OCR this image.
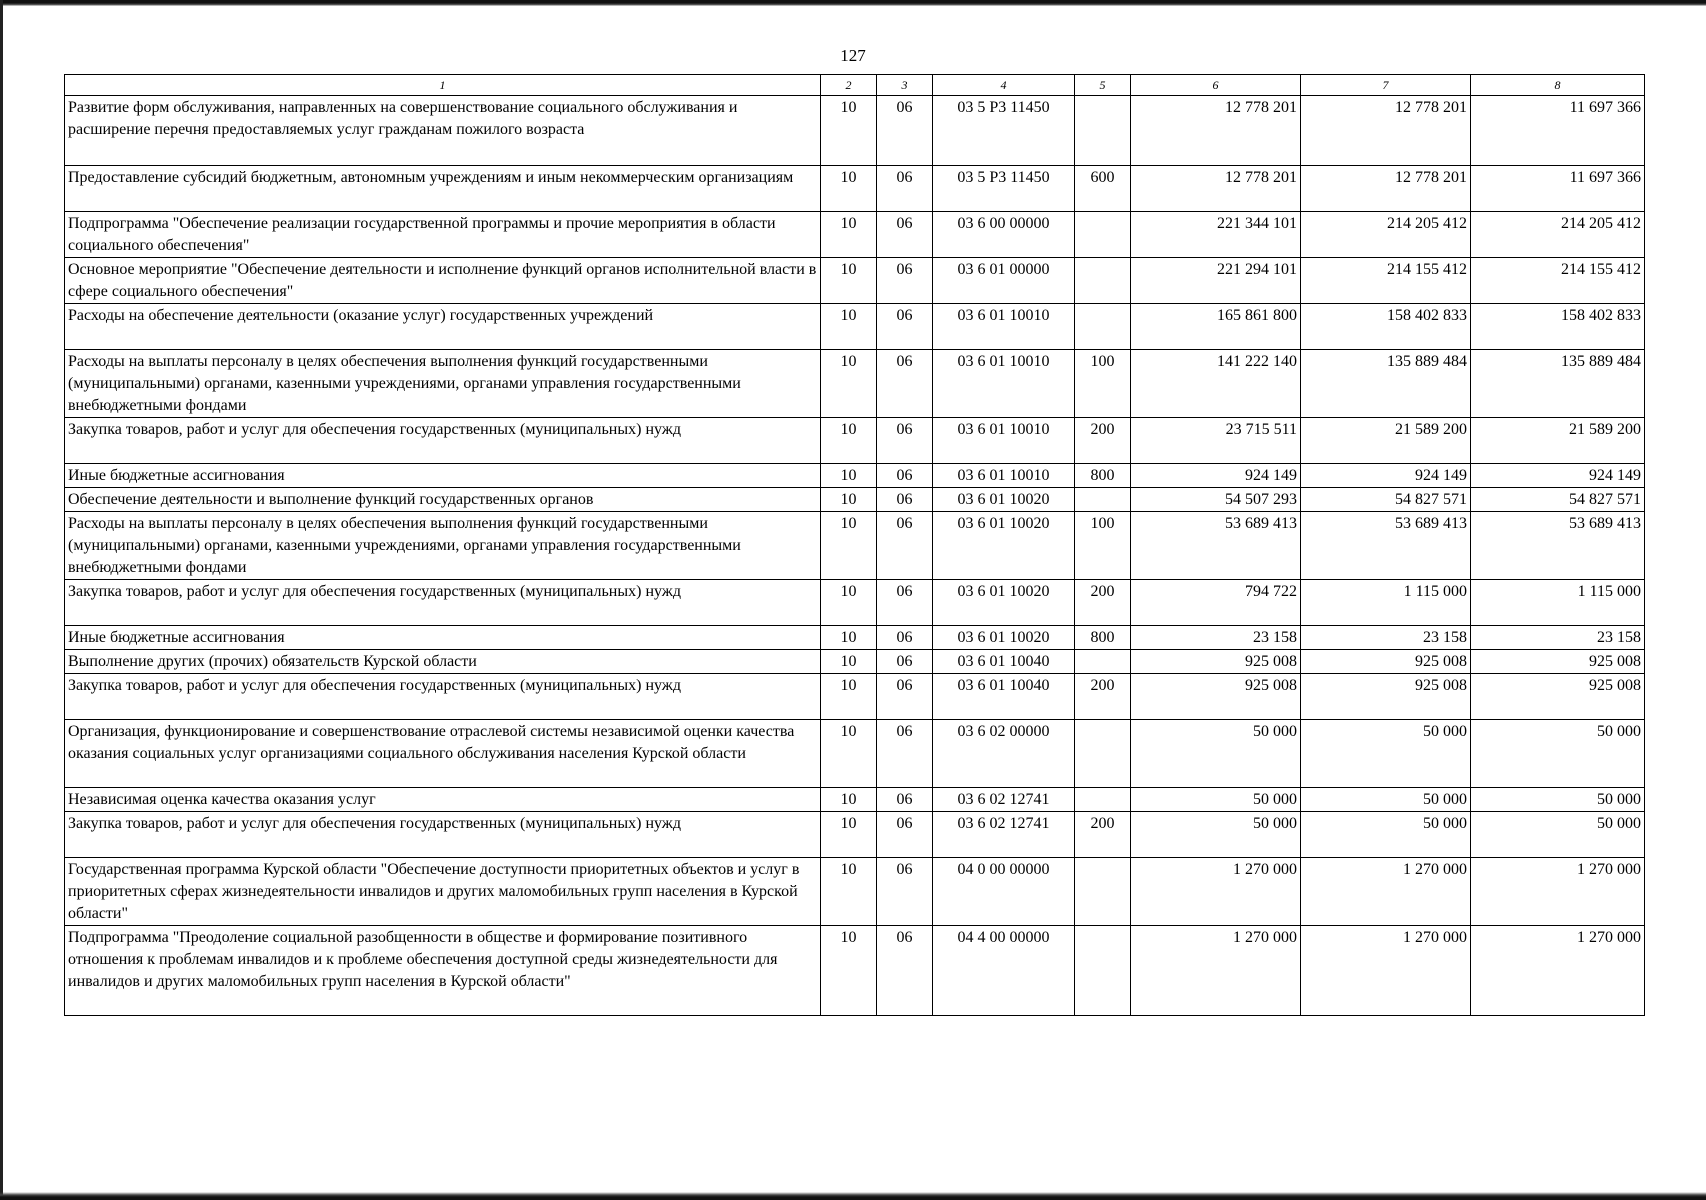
127
1	2	3	4	5	6	7	8
Развитие форм обслуживания, направленных на совершенствование социального обслуживания и расширение перечня предоставляемых услуг гражданам пожилого возраста	10	06	03 5 P3 11450		12 778 201	12 778 201	11 697 366
Предоставление субсидий бюджетным, автономным учреждениям и иным некоммерческим организациям	10	06	03 5 P3 11450	600	12 778 201	12 778 201	11 697 366
Подпрограмма "Обеспечение реализации государственной программы и прочие мероприятия в области социального обеспечения"	10	06	03 6 00 00000		221 344 101	214 205 412	214 205 412
Основное мероприятие "Обеспечение деятельности и исполнение функций органов исполнительной власти в сфере социального обеспечения"	10	06	03 6 01 00000		221 294 101	214 155 412	214 155 412
Расходы на обеспечение деятельности (оказание услуг) государственных учреждений	10	06	03 6 01 10010		165 861 800	158 402 833	158 402 833
Расходы на выплаты персоналу в целях обеспечения выполнения функций государственными (муниципальными) органами, казенными учреждениями, органами управления государственными внебюджетными фондами	10	06	03 6 01 10010	100	141 222 140	135 889 484	135 889 484
Закупка товаров, работ и услуг для обеспечения государственных (муниципальных) нужд	10	06	03 6 01 10010	200	23 715 511	21 589 200	21 589 200
Иные бюджетные ассигнования	10	06	03 6 01 10010	800	924 149	924 149	924 149
Обеспечение деятельности и выполнение функций государственных органов	10	06	03 6 01 10020		54 507 293	54 827 571	54 827 571
Расходы на выплаты персоналу в целях обеспечения выполнения функций государственными (муниципальными) органами, казенными учреждениями, органами управления государственными внебюджетными фондами	10	06	03 6 01 10020	100	53 689 413	53 689 413	53 689 413
Закупка товаров, работ и услуг для обеспечения государственных (муниципальных) нужд	10	06	03 6 01 10020	200	794 722	1 115 000	1 115 000
Иные бюджетные ассигнования	10	06	03 6 01 10020	800	23 158	23 158	23 158
Выполнение других (прочих) обязательств Курской области	10	06	03 6 01 10040		925 008	925 008	925 008
Закупка товаров, работ и услуг для обеспечения государственных (муниципальных) нужд	10	06	03 6 01 10040	200	925 008	925 008	925 008
Организация, функционирование и совершенствование отраслевой системы независимой оценки качества оказания социальных услуг организациями социального обслуживания населения Курской области	10	06	03 6 02 00000		50 000	50 000	50 000
Независимая оценка качества оказания услуг	10	06	03 6 02 12741		50 000	50 000	50 000
Закупка товаров, работ и услуг для обеспечения государственных (муниципальных) нужд	10	06	03 6 02 12741	200	50 000	50 000	50 000
Государственная программа Курской области "Обеспечение доступности приоритетных объектов и услуг в приоритетных сферах жизнедеятельности инвалидов и других маломобильных групп населения в Курской области"	10	06	04 0 00 00000		1 270 000	1 270 000	1 270 000
Подпрограмма "Преодоление социальной разобщенности в обществе и формирование позитивного отношения к проблемам инвалидов и к проблеме обеспечения доступной среды жизнедеятельности для инвалидов и других маломобильных групп населения в Курской области"	10	06	04 4 00 00000		1 270 000	1 270 000	1 270 000
